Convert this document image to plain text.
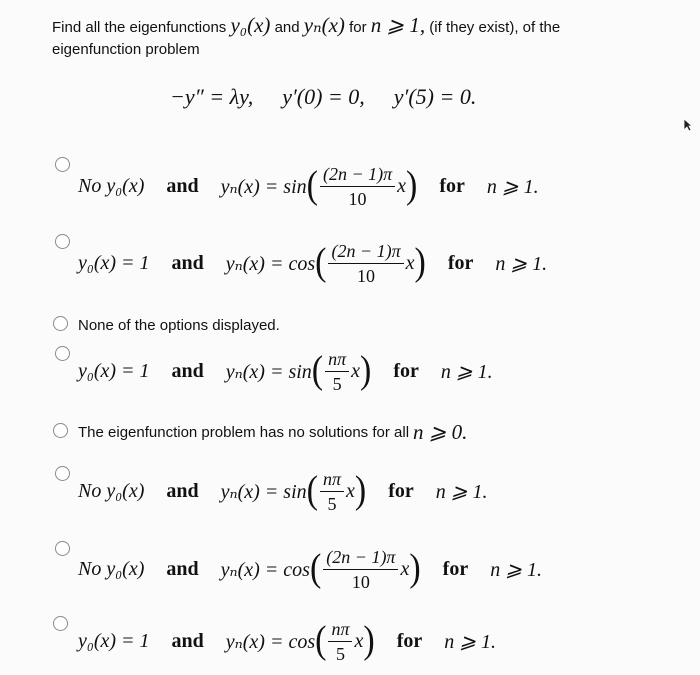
Find all the eigenfunctions y₀(x) and yₙ(x) for n ⩾ 1, (if they exist), of the
eigenfunction problem
−y″ = λy, y′(0) = 0, y′(5) = 0.
No y₀(x) and yₙ(x) = sin ( $\frac{(2n - 1)\pi}{10}$ x ) for n ⩾ 1.
y₀(x) = 1 and yₙ(x) = cos ( $\frac{(2n - 1)\pi}{10}$ x ) for n ⩾ 1.
None of the options displayed.
y₀(x) = 1 and yₙ(x) = sin ( $\frac{n\pi}{5}$ x ) for n ⩾ 1.
The eigenfunction problem has no solutions for all n ⩾ 0.
No y₀(x) and yₙ(x) = sin ( $\frac{n\pi}{5}$ x ) for n ⩾ 1.
No y₀(x) and yₙ(x) = cos ( $\frac{(2n - 1)\pi}{10}$ x ) for n ⩾ 1.
y₀(x) = 1 and yₙ(x) = cos ( $\frac{n\pi}{5}$ x ) for n ⩾ 1.
